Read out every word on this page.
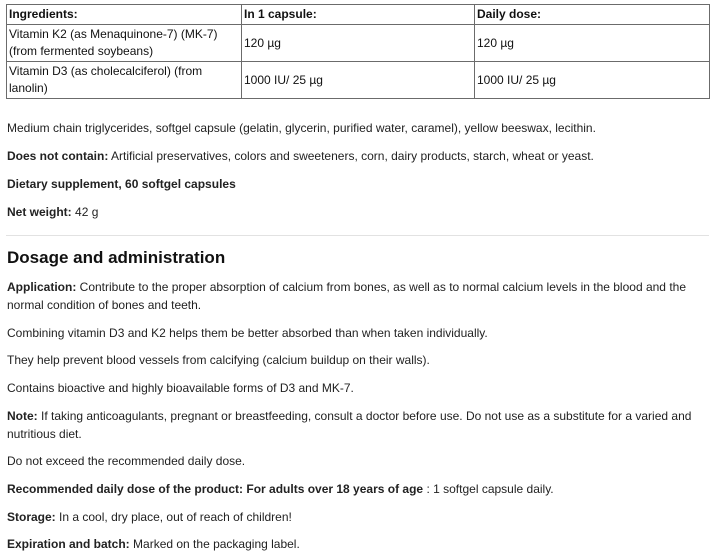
Ingredients:	In 1 capsule:	Daily dose:
Vitamin K2 (as Menaquinone-7) (MK-7) (from fermented soybeans)	120 µg	120 µg
Vitamin D3 (as cholecalciferol) (from lanolin)	1000 IU/ 25 µg	1000 IU/ 25 µg

Medium chain triglycerides, softgel capsule (gelatin, glycerin, purified water, caramel), yellow beeswax, lecithin.

Does not contain: Artificial preservatives, colors and sweeteners, corn, dairy products, starch, wheat or yeast.

Dietary supplement, 60 softgel capsules

Net weight: 42 g

Dosage and administration

Application: Contribute to the proper absorption of calcium from bones, as well as to normal calcium levels in the blood and the normal condition of bones and teeth.

Combining vitamin D3 and K2 helps them be better absorbed than when taken individually.

They help prevent blood vessels from calcifying (calcium buildup on their walls).

Contains bioactive and highly bioavailable forms of D3 and MK-7.

Note: If taking anticoagulants, pregnant or breastfeeding, consult a doctor before use. Do not use as a substitute for a varied and nutritious diet.

Do not exceed the recommended daily dose.

Recommended daily dose of the product: For adults over 18 years of age : 1 softgel capsule daily.

Storage: In a cool, dry place, out of reach of children!

Expiration and batch: Marked on the packaging label.
